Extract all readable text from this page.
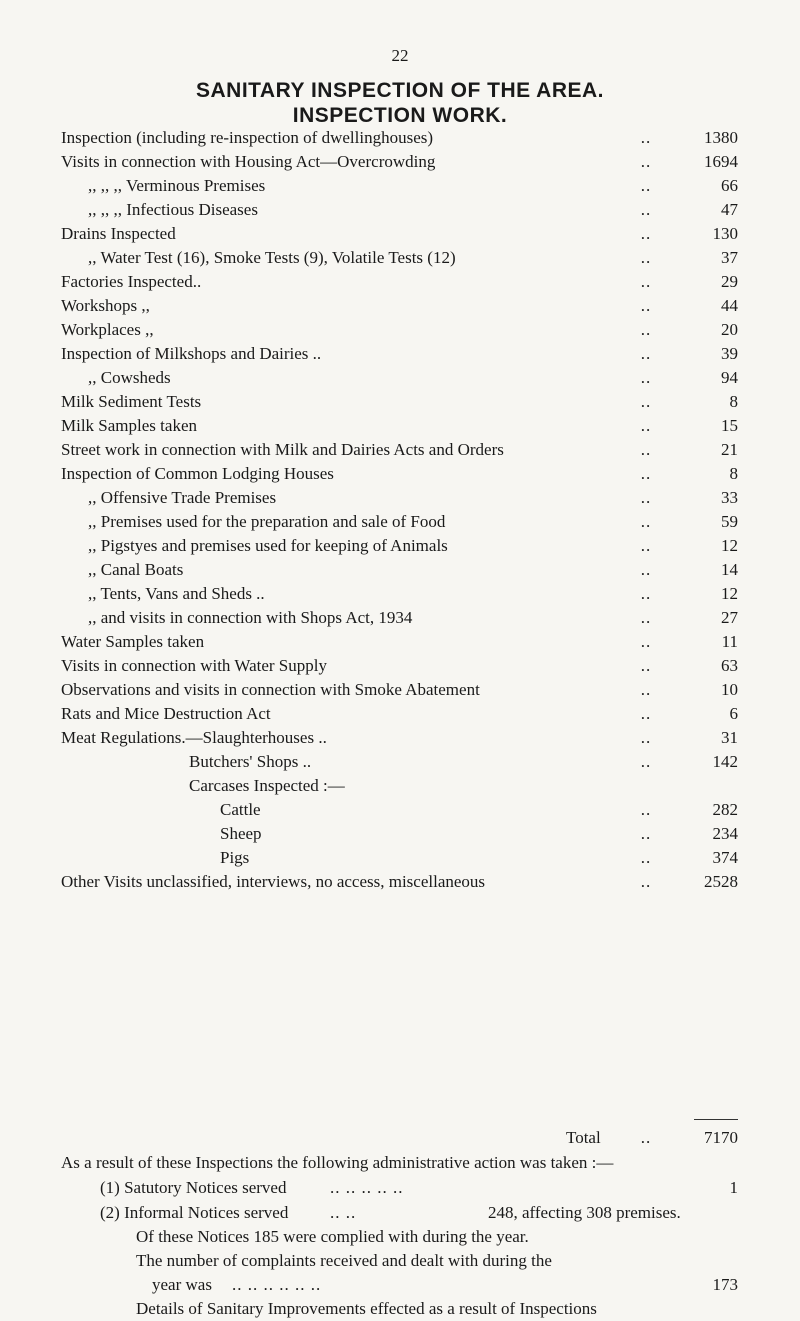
22
SANITARY INSPECTION OF THE AREA.
INSPECTION WORK.
Inspection (including re-inspection of dwellinghouses)	..	1380
Visits in connection with Housing Act—Overcrowding	..	1694
,, ,, ,, Verminous Premises	..	66
,, ,, ,, Infectious Diseases	..	47
Drains Inspected	..	130
,, Water Test (16), Smoke Tests (9), Volatile Tests (12)	..	37
Factories Inspected..	..	29
Workshops ,,	..	44
Workplaces ,,	..	20
Inspection of Milkshops and Dairies ..	..	39
,, Cowsheds	..	94
Milk Sediment Tests	..	8
Milk Samples taken	..	15
Street work in connection with Milk and Dairies Acts and Orders	..	21
Inspection of Common Lodging Houses	..	8
,, Offensive Trade Premises	..	33
,, Premises used for the preparation and sale of Food	..	59
,, Pigstyes and premises used for keeping of Animals	..	12
,, Canal Boats	..	14
,, Tents, Vans and Sheds ..	..	12
,, and visits in connection with Shops Act, 1934	..	27
Water Samples taken	..	11
Visits in connection with Water Supply	..	63
Observations and visits in connection with Smoke Abatement	..	10
Rats and Mice Destruction Act	..	6
Meat Regulations.—Slaughterhouses ..	..	31
Butchers' Shops ..	..	142
Carcases Inspected :—
Cattle	..	282
Sheep	..	234
Pigs	..	374
Other Visits unclassified, interviews, no access, miscellaneous	..	2528
Total	..	7170
As a result of these Inspections the following administrative action was taken :—
(1) Satutory Notices served	.. .. .. .. ..	1
(2) Informal Notices served .. ..	248, affecting 308 premises.
Of these Notices 185 were complied with during the year.
The number of complaints received and dealt with during the
year was .. .. .. .. .. ..	173
Details of Sanitary Improvements effected as a result of Inspections
